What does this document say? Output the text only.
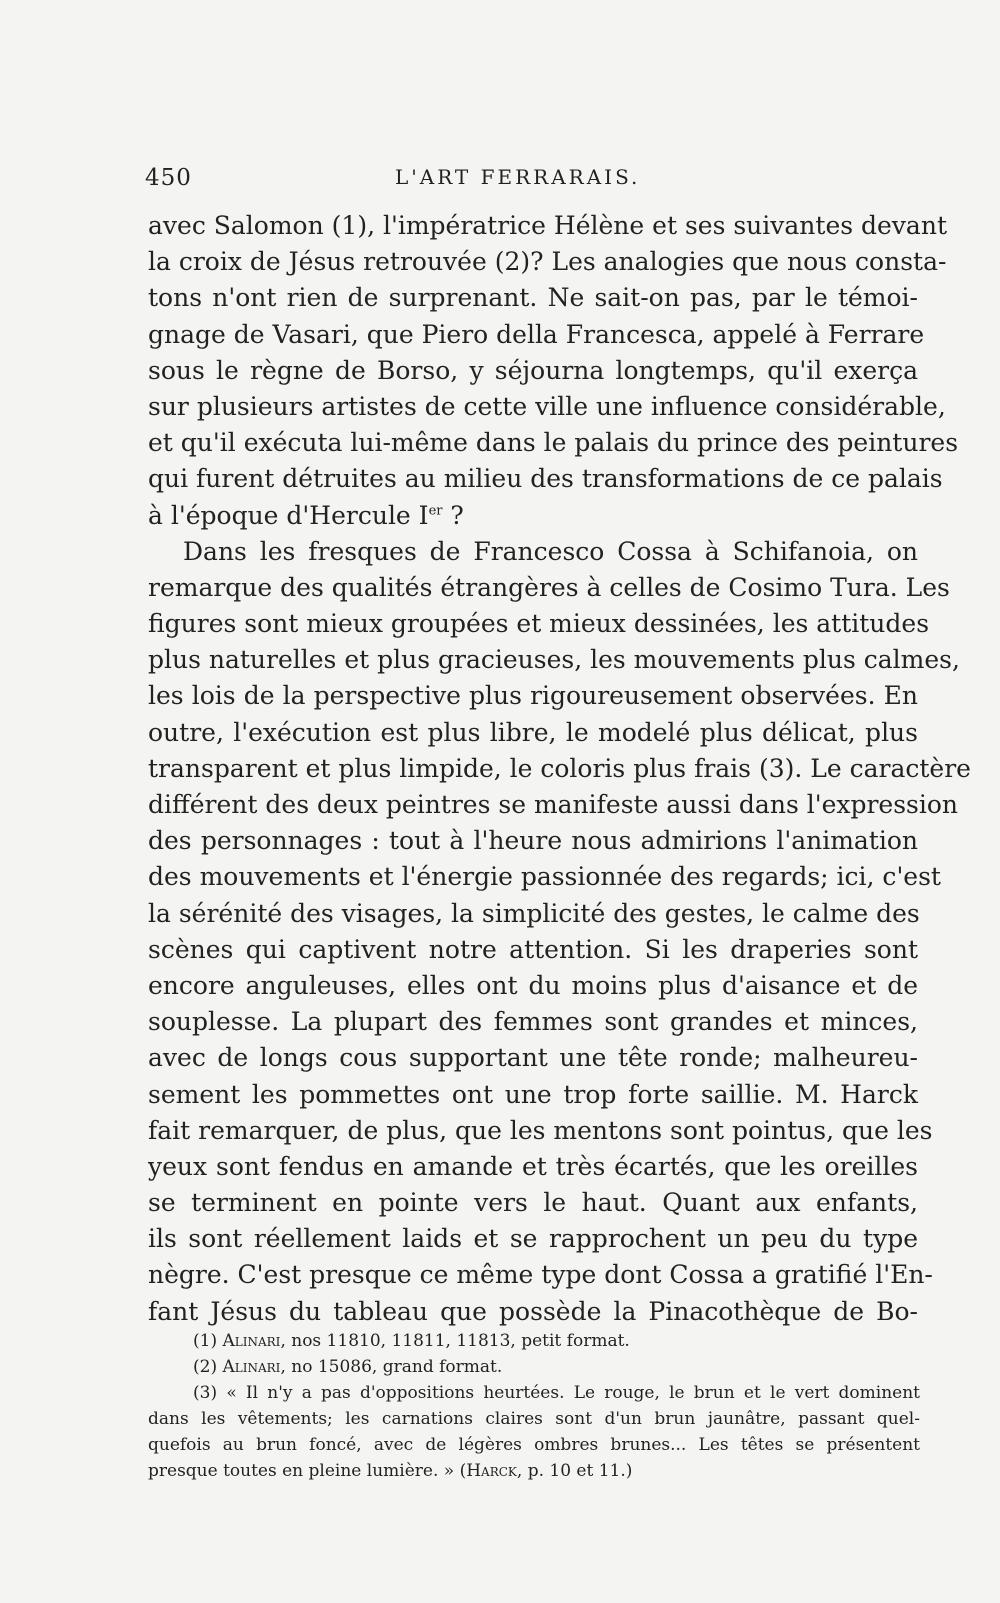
450	L'ART FERRARAIS.
avec Salomon (1), l'impératrice Hélène et ses suivantes devant
la croix de Jésus retrouvée (2)? Les analogies que nous consta-
tons n'ont rien de surprenant. Ne sait-on pas, par le témoi-
gnage de Vasari, que Piero della Francesca, appelé à Ferrare
sous le règne de Borso, y séjourna longtemps, qu'il exerça
sur plusieurs artistes de cette ville une influence considérable,
et qu'il exécuta lui-même dans le palais du prince des peintures
qui furent détruites au milieu des transformations de ce palais
à l'époque d'Hercule Ier ?
Dans les fresques de Francesco Cossa à Schifanoia, on
remarque des qualités étrangères à celles de Cosimo Tura. Les
figures sont mieux groupées et mieux dessinées, les attitudes
plus naturelles et plus gracieuses, les mouvements plus calmes,
les lois de la perspective plus rigoureusement observées. En
outre, l'exécution est plus libre, le modelé plus délicat, plus
transparent et plus limpide, le coloris plus frais (3). Le caractère
différent des deux peintres se manifeste aussi dans l'expression
des personnages : tout à l'heure nous admirions l'animation
des mouvements et l'énergie passionnée des regards; ici, c'est
la sérénité des visages, la simplicité des gestes, le calme des
scènes qui captivent notre attention. Si les draperies sont
encore anguleuses, elles ont du moins plus d'aisance et de
souplesse. La plupart des femmes sont grandes et minces,
avec de longs cous supportant une tête ronde; malheureu-
sement les pommettes ont une trop forte saillie. M. Harck
fait remarquer, de plus, que les mentons sont pointus, que les
yeux sont fendus en amande et très écartés, que les oreilles
se terminent en pointe vers le haut. Quant aux enfants,
ils sont réellement laids et se rapprochent un peu du type
nègre. C'est presque ce même type dont Cossa a gratifié l'En-
fant Jésus du tableau que possède la Pinacothèque de Bo-
(1) Alinari, nos 11810, 11811, 11813, petit format.
(2) Alinari, no 15086, grand format.
(3) « Il n'y a pas d'oppositions heurtées. Le rouge, le brun et le vert dominent
dans les vêtements; les carnations claires sont d'un brun jaunâtre, passant quel-
quefois au brun foncé, avec de légères ombres brunes... Les têtes se présentent
presque toutes en pleine lumière. » (Harck, p. 10 et 11.)
